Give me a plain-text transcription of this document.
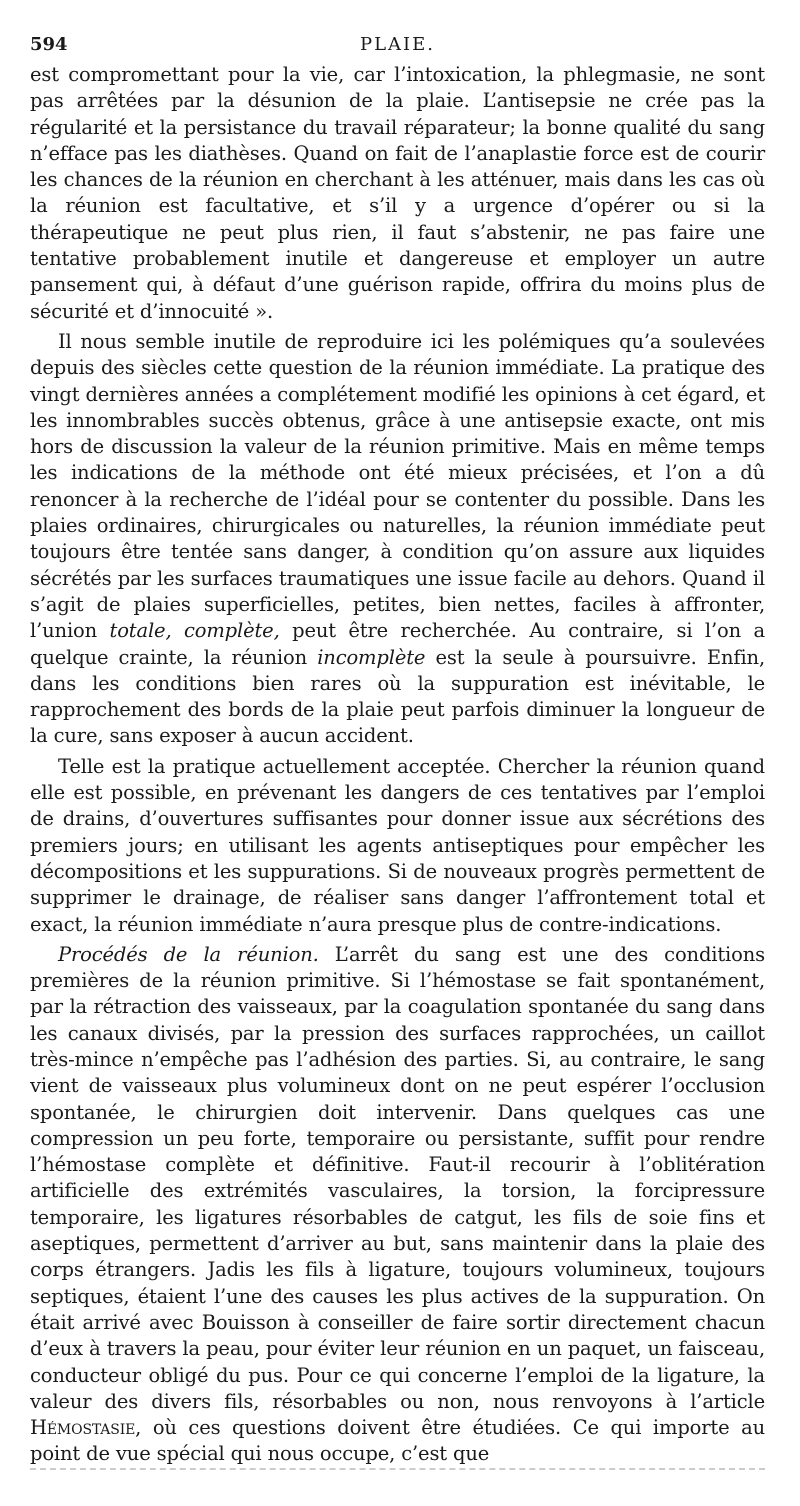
594	PLAIE.

est compromettant pour la vie, car l’intoxication, la phlegmasie, ne sont pas arrêtées par la désunion de la plaie. L’antisepsie ne crée pas la régularité et la persistance du travail réparateur; la bonne qualité du sang n’efface pas les diathèses. Quand on fait de l’anaplastie force est de courir les chances de la réunion en cherchant à les atténuer, mais dans les cas où la réunion est facultative, et s’il y a urgence d’opérer ou si la thérapeutique ne peut plus rien, il faut s’abstenir, ne pas faire une tentative probablement inutile et dangereuse et employer un autre pansement qui, à défaut d’une guérison rapide, offrira du moins plus de sécurité et d’innocuité ».

Il nous semble inutile de reproduire ici les polémiques qu’a soulevées depuis des siècles cette question de la réunion immédiate. La pratique des vingt dernières années a complétement modifié les opinions à cet égard, et les innombrables succès obtenus, grâce à une antisepsie exacte, ont mis hors de discussion la valeur de la réunion primitive. Mais en même temps les indications de la méthode ont été mieux précisées, et l’on a dû renoncer à la recherche de l’idéal pour se contenter du possible. Dans les plaies ordinaires, chirurgicales ou naturelles, la réunion immédiate peut toujours être tentée sans danger, à condition qu’on assure aux liquides sécrétés par les surfaces traumatiques une issue facile au dehors. Quand il s’agit de plaies superficielles, petites, bien nettes, faciles à affronter, l’union totale, complète, peut être recherchée. Au contraire, si l’on a quelque crainte, la réunion incomplète est la seule à poursuivre. Enfin, dans les conditions bien rares où la suppuration est inévitable, le rapprochement des bords de la plaie peut parfois diminuer la longueur de la cure, sans exposer à aucun accident.

Telle est la pratique actuellement acceptée. Chercher la réunion quand elle est possible, en prévenant les dangers de ces tentatives par l’emploi de drains, d’ouvertures suffisantes pour donner issue aux sécrétions des premiers jours; en utilisant les agents antiseptiques pour empêcher les décompositions et les suppurations. Si de nouveaux progrès permettent de supprimer le drainage, de réaliser sans danger l’affrontement total et exact, la réunion immédiate n’aura presque plus de contre-indications.

Procédés de la réunion. L’arrêt du sang est une des conditions premières de la réunion primitive. Si l’hémostase se fait spontanément, par la rétraction des vaisseaux, par la coagulation spontanée du sang dans les canaux divisés, par la pression des surfaces rapprochées, un caillot très-mince n’empêche pas l’adhésion des parties. Si, au contraire, le sang vient de vaisseaux plus volumineux dont on ne peut espérer l’occlusion spontanée, le chirurgien doit intervenir. Dans quelques cas une compression un peu forte, temporaire ou persistante, suffit pour rendre l’hémostase complète et définitive. Faut-il recourir à l’oblitération artificielle des extrémités vasculaires, la torsion, la forcipressure temporaire, les ligatures résorbables de catgut, les fils de soie fins et aseptiques, permettent d’arriver au but, sans maintenir dans la plaie des corps étrangers. Jadis les fils à ligature, toujours volumineux, toujours septiques, étaient l’une des causes les plus actives de la suppuration. On était arrivé avec Bouisson à conseiller de faire sortir directement chacun d’eux à travers la peau, pour éviter leur réunion en un paquet, un faisceau, conducteur obligé du pus. Pour ce qui concerne l’emploi de la ligature, la valeur des divers fils, résorbables ou non, nous renvoyons à l’article Hémostasie, où ces questions doivent être étudiées. Ce qui importe au point de vue spécial qui nous occupe, c’est que
